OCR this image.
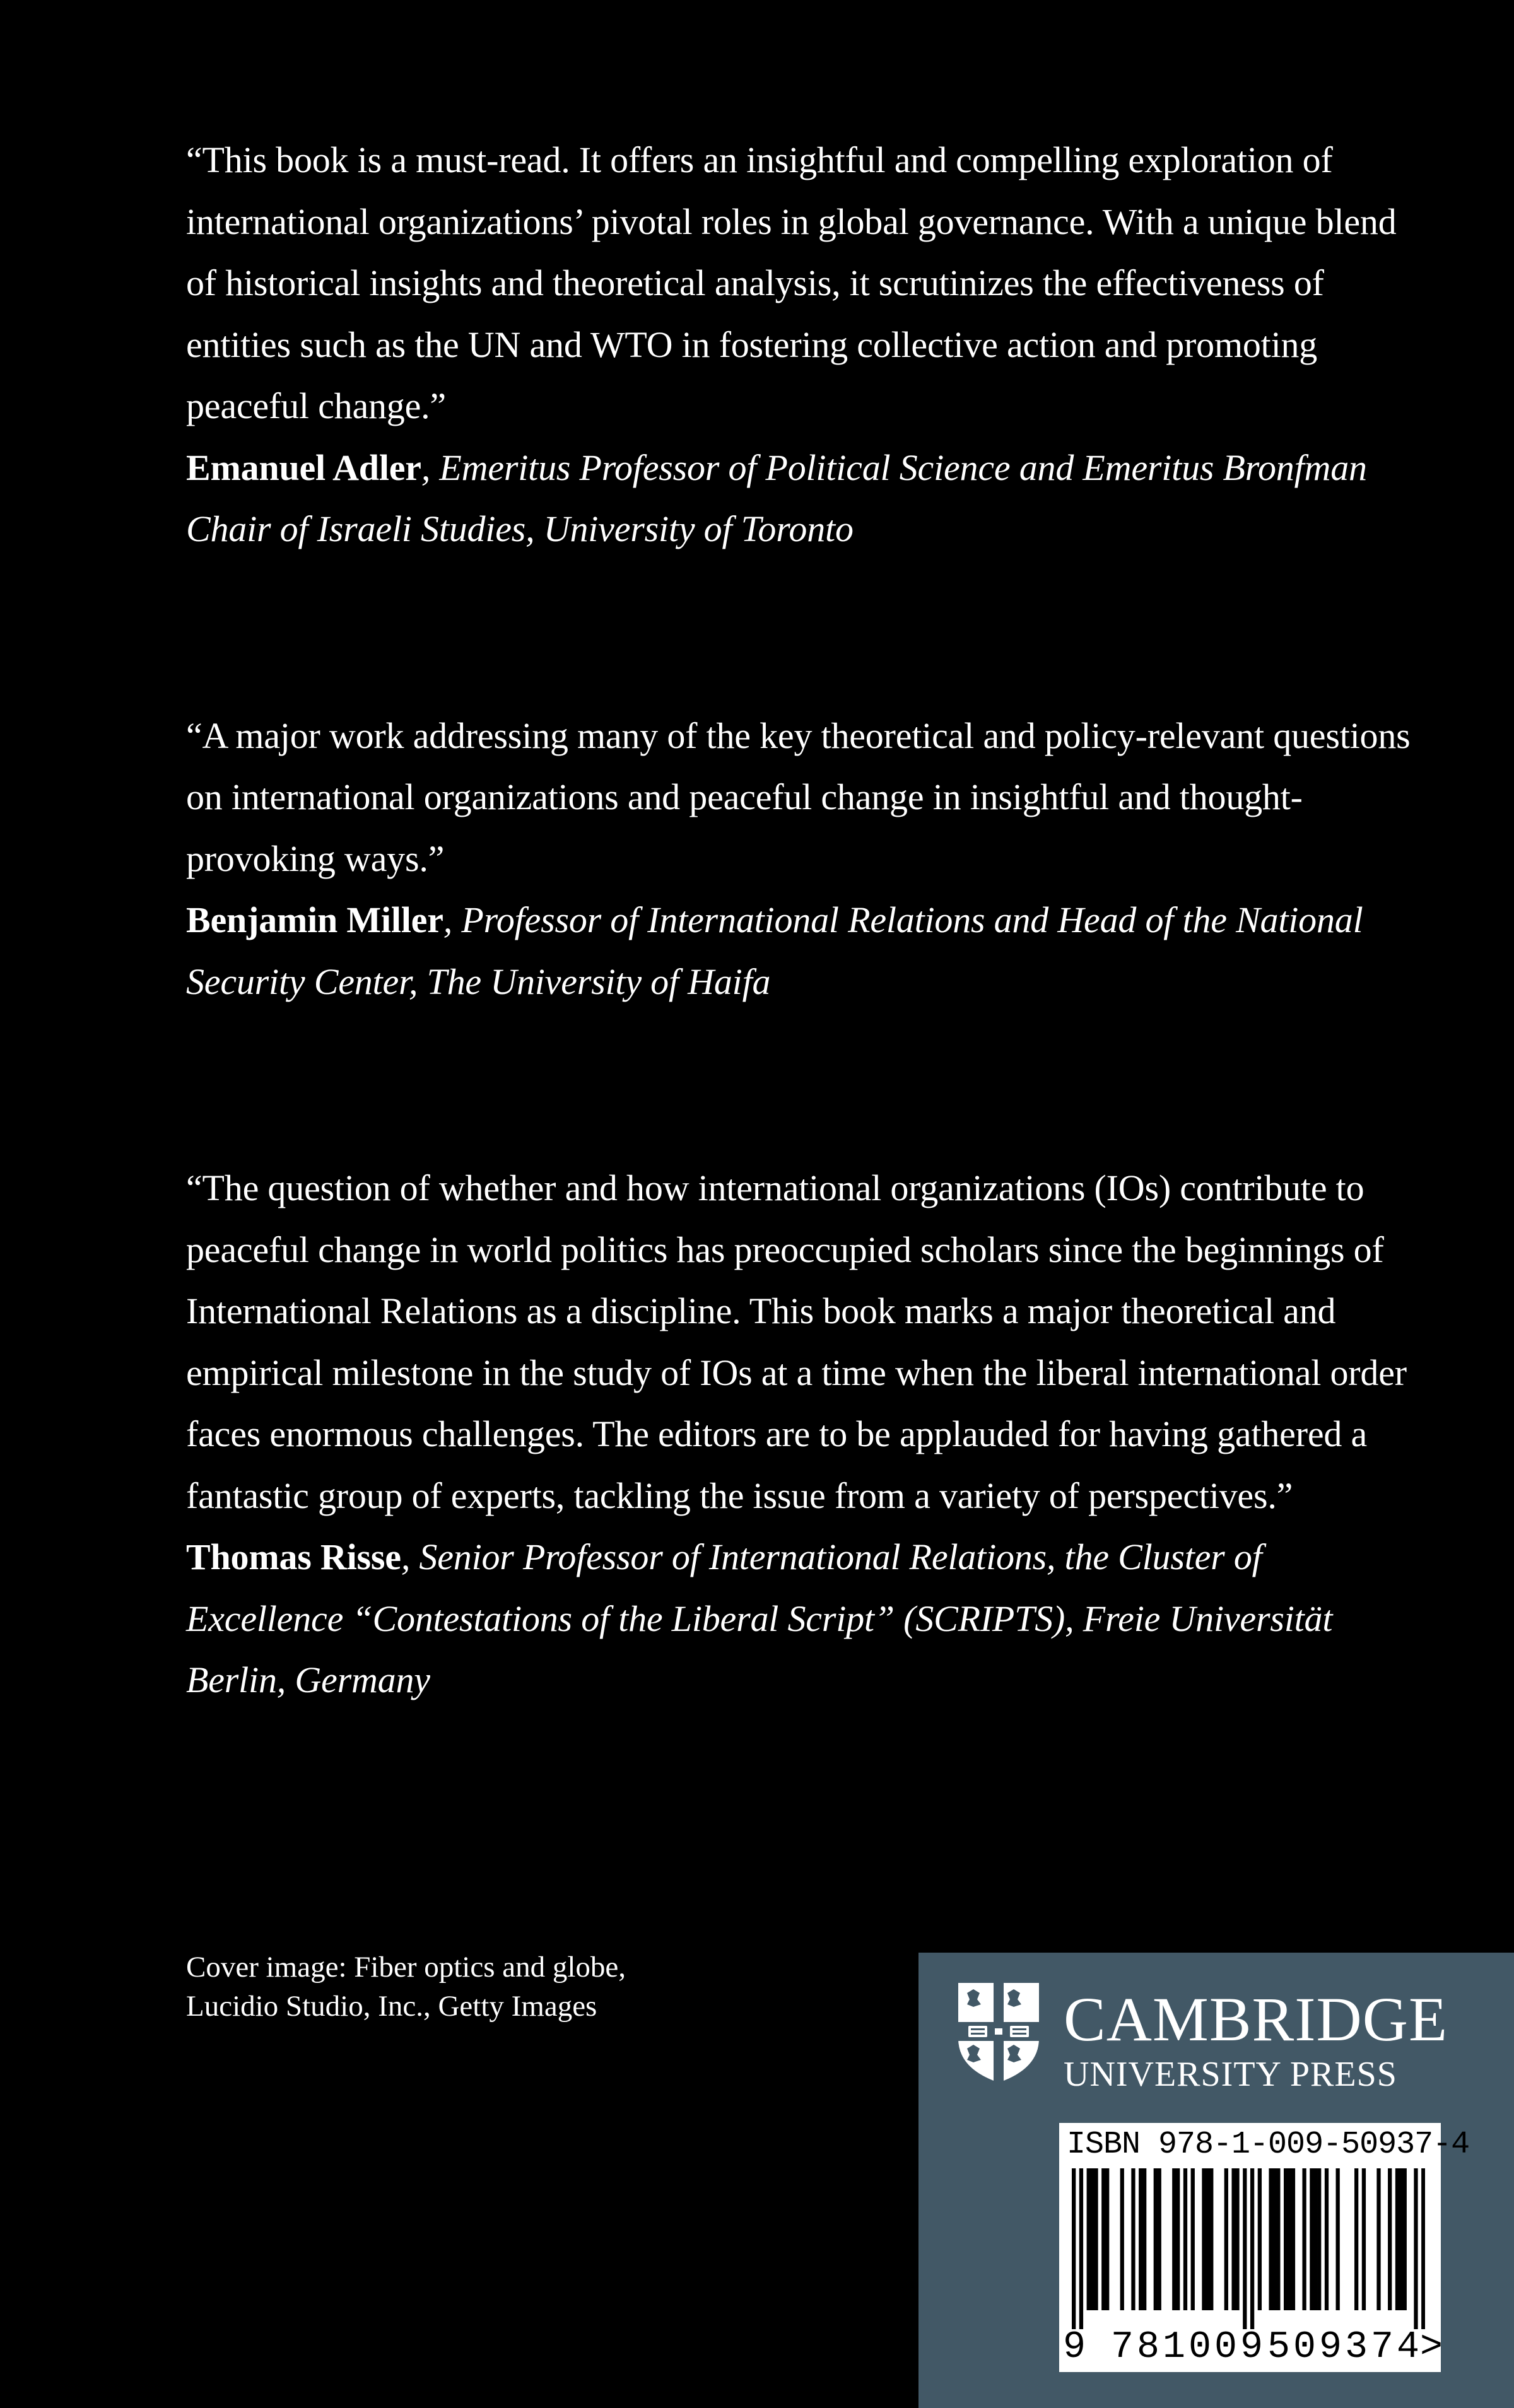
“This book is a must-read. It offers an insightful and compelling exploration of international organizations’ pivotal roles in global governance. With a unique blend of historical insights and theoretical analysis, it scrutinizes the effectiveness of entities such as the UN and WTO in fostering collective action and promoting peaceful change.”

Emanuel Adler, Emeritus Professor of Political Science and Emeritus Bronfman Chair of Israeli Studies, University of Toronto

“A major work addressing many of the key theoretical and policy-relevant questions on international organizations and peaceful change in insightful and thought-provoking ways.”

Benjamin Miller, Professor of International Relations and Head of the National Security Center, The University of Haifa

“The question of whether and how international organizations (IOs) contribute to peaceful change in world politics has preoccupied scholars since the beginnings of International Relations as a discipline. This book marks a major theoretical and empirical milestone in the study of IOs at a time when the liberal international order faces enormous challenges. The editors are to be applauded for having gathered a fantastic group of experts, tackling the issue from a variety of perspectives.”

Thomas Risse, Senior Professor of International Relations, the Cluster of Excellence “Contestations of the Liberal Script” (SCRIPTS), Freie Universität Berlin, Germany

Cover image: Fiber optics and globe,
Lucidio Studio, Inc., Getty Images	CAMBRIDGE
UNIVERSITY PRESS
ISBN 978-1-009-50937-4
9 781009 509374
>
